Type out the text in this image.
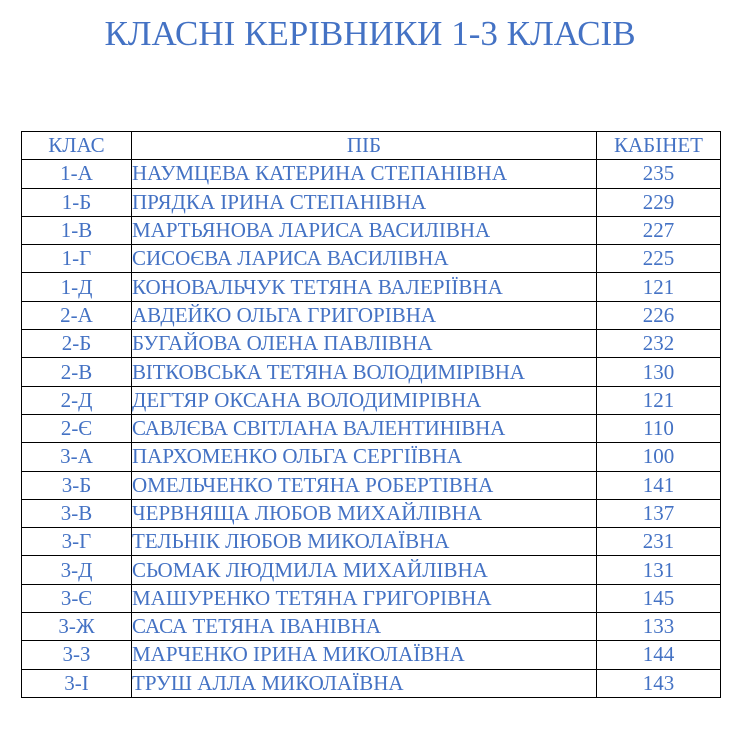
КЛАСНІ КЕРІВНИКИ 1-3 КЛАСІВ
КЛАС	ПІБ	КАБІНЕТ
1-А	НАУМЦЕВА КАТЕРИНА СТЕПАНІВНА	235
1-Б	ПРЯДКА ІРИНА СТЕПАНІВНА	229
1-В	МАРТЬЯНОВА ЛАРИСА ВАСИЛІВНА	227
1-Г	СИСОЄВА ЛАРИСА ВАСИЛІВНА	225
1-Д	КОНОВАЛЬЧУК ТЕТЯНА ВАЛЕРІЇВНА	121
2-А	АВДЕЙКО ОЛЬГА ГРИГОРІВНА	226
2-Б	БУГАЙОВА ОЛЕНА ПАВЛІВНА	232
2-В	ВІТКОВСЬКА ТЕТЯНА ВОЛОДИМІРІВНА	130
2-Д	ДЕГТЯР ОКСАНА ВОЛОДИМІРІВНА	121
2-Є	САВЛЄВА СВІТЛАНА ВАЛЕНТИНІВНА	110
3-А	ПАРХОМЕНКО ОЛЬГА СЕРГІЇВНА	100
3-Б	ОМЕЛЬЧЕНКО ТЕТЯНА РОБЕРТІВНА	141
3-В	ЧЕРВНЯЩА ЛЮБОВ МИХАЙЛІВНА	137
3-Г	ТЕЛЬНІК ЛЮБОВ МИКОЛАЇВНА	231
3-Д	СЬОМАК ЛЮДМИЛА МИХАЙЛІВНА	131
3-Є	МАШУРЕНКО ТЕТЯНА ГРИГОРІВНА	145
3-Ж	САСА ТЕТЯНА ІВАНІВНА	133
3-З	МАРЧЕНКО ІРИНА МИКОЛАЇВНА	144
3-І	ТРУШ АЛЛА МИКОЛАЇВНА	143
